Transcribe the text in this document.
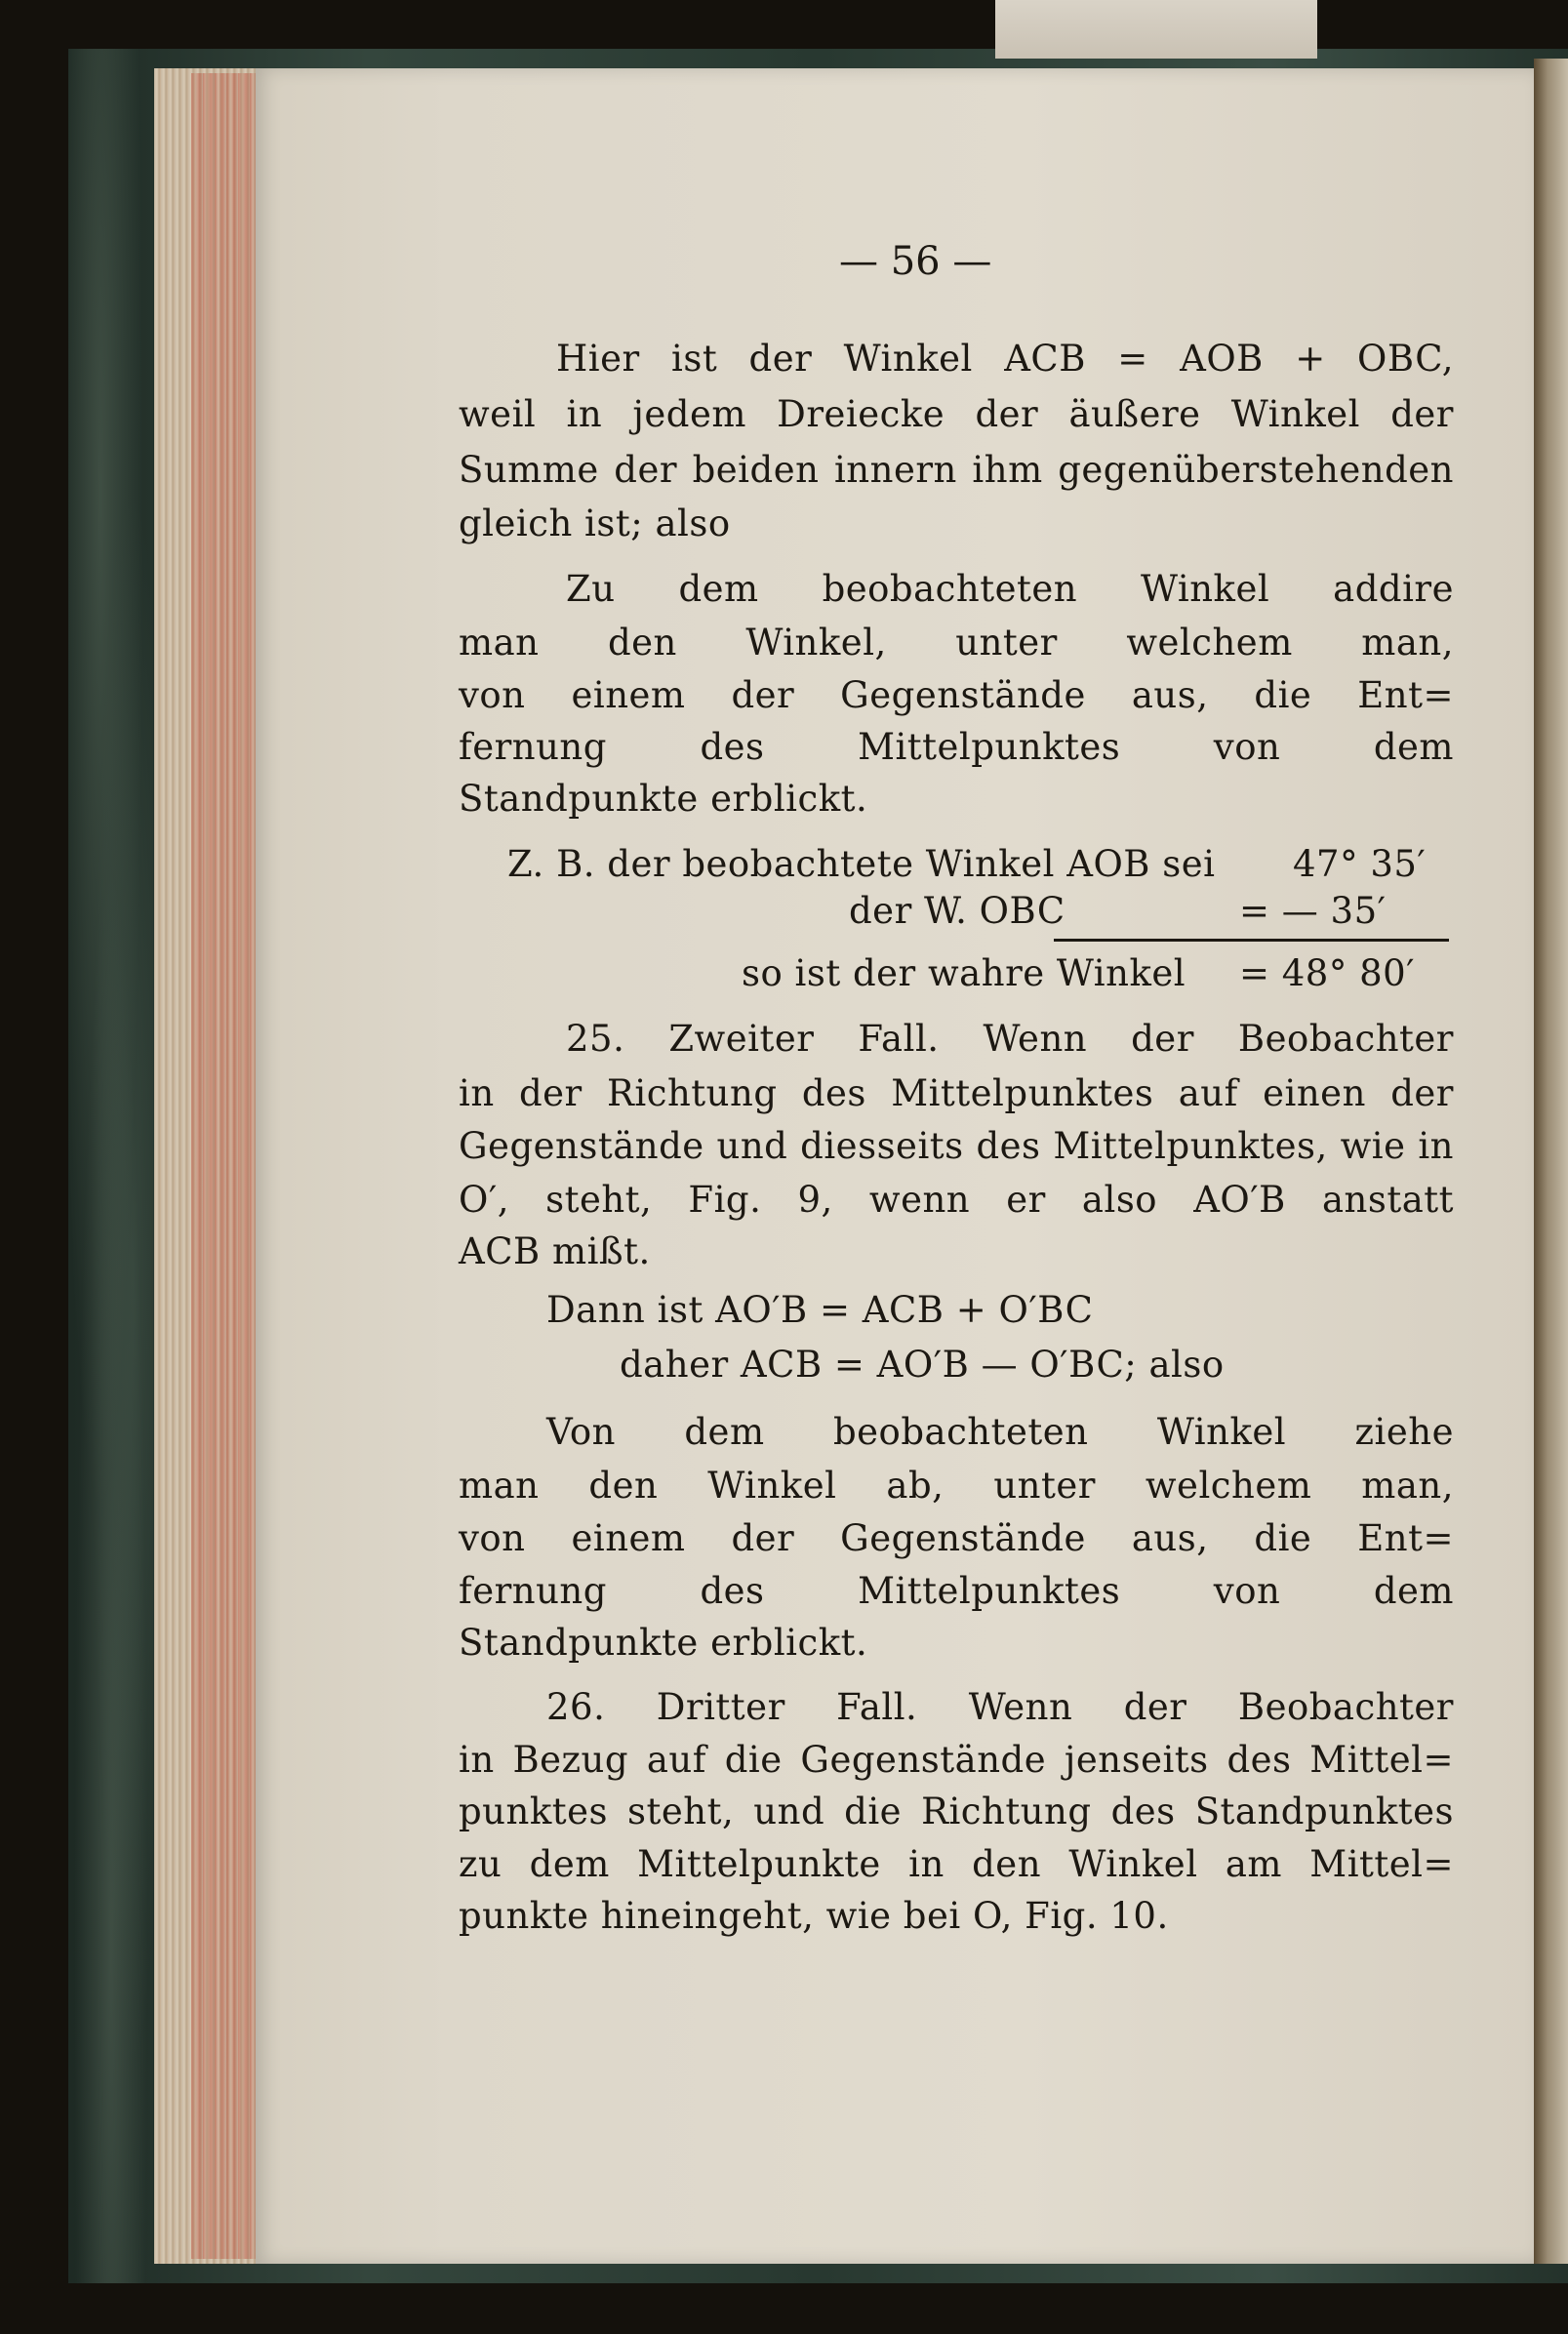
— 56 —
Hier ist der Winkel ACB = AOB + OBC,
weil in jedem Dreiecke der äußere Winkel der
Summe der beiden innern ihm gegenüberstehenden
gleich ist; also
Zu dem beobachteten Winkel addire
man den Winkel, unter welchem man,
von einem der Gegenstände aus, die Ent=
fernung des Mittelpunktes von dem
Standpunkte erblickt.
Z. B. der beobachtete Winkel AOB sei 47° 35′
der W. OBC	= — 35′
so ist der wahre Winkel = 48° 80′
25. Zweiter Fall. Wenn der Beobachter
in der Richtung des Mittelpunktes auf einen der
Gegenstände und diesseits des Mittelpunktes, wie in
O′, steht, Fig. 9, wenn er also AO′B anstatt
ACB mißt.
Dann ist AO′B = ACB + O′BC
daher ACB = AO′B — O′BC; also
Von dem beobachteten Winkel ziehe
man den Winkel ab, unter welchem man,
von einem der Gegenstände aus, die Ent=
fernung des Mittelpunktes von dem
Standpunkte erblickt.
26. Dritter Fall. Wenn der Beobachter
in Bezug auf die Gegenstände jenseits des Mittel=
punktes steht, und die Richtung des Standpunktes
zu dem Mittelpunkte in den Winkel am Mittel=
punkte hineingeht, wie bei O, Fig. 10.
